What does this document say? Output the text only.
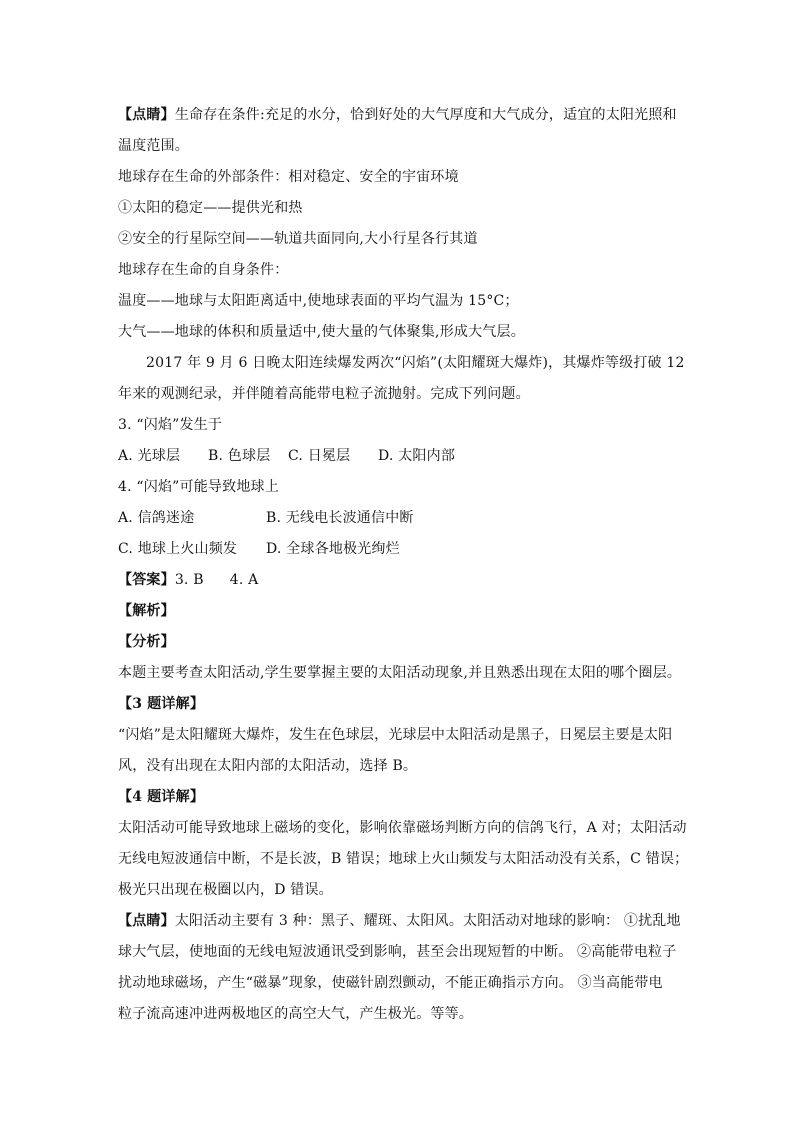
【点睛】生命存在条件:充足的水分，恰到好处的大气厚度和大气成分，适宜的太阳光照和
温度范围。
地球存在生命的外部条件：相对稳定、安全的宇宙环境
①太阳的稳定——提供光和热
②安全的行星际空间——轨道共面同向,大小行星各行其道
地球存在生命的自身条件：
温度——地球与太阳距离适中,使地球表面的平均气温为 15°C；
大气——地球的体积和质量适中,使大量的气体聚集,形成大气层。
2017 年 9 月 6 日晚太阳连续爆发两次“闪焰”(太阳耀斑大爆炸)，其爆炸等级打破 12
年来的观测纪录，并伴随着高能带电粒子流抛射。完成下列问题。
3. “闪焰”发生于
A. 光球层 B. 色球层 C. 日冕层 D. 太阳内部
4. “闪焰”可能导致地球上
A. 信鸽迷途	B. 无线电长波通信中断
C. 地球上火山频发 D. 全球各地极光绚烂
【答案】3. B 4. A
【解析】
【分析】
本题主要考查太阳活动,学生要掌握主要的太阳活动现象,并且熟悉出现在太阳的哪个圈层。
【3 题详解】
“闪焰”是太阳耀斑大爆炸，发生在色球层，光球层中太阳活动是黑子，日冕层主要是太阳
风，没有出现在太阳内部的太阳活动，选择 B。
【4 题详解】
太阳活动可能导致地球上磁场的变化，影响依靠磁场判断方向的信鸽飞行，A 对；太阳活动
无线电短波通信中断，不是长波，B 错误；地球上火山频发与太阳活动没有关系，C 错误；
极光只出现在极圈以内，D 错误。
【点睛】太阳活动主要有 3 种：黑子、耀斑、太阳风。太阳活动对地球的影响： ①扰乱地
球大气层，使地面的无线电短波通讯受到影响，甚至会出现短暂的中断。 ②高能带电粒子
扰动地球磁场，产生“磁暴”现象，使磁针剧烈颤动，不能正确指示方向。 ③当高能带电
粒子流高速冲进两极地区的高空大气，产生极光。等等。
